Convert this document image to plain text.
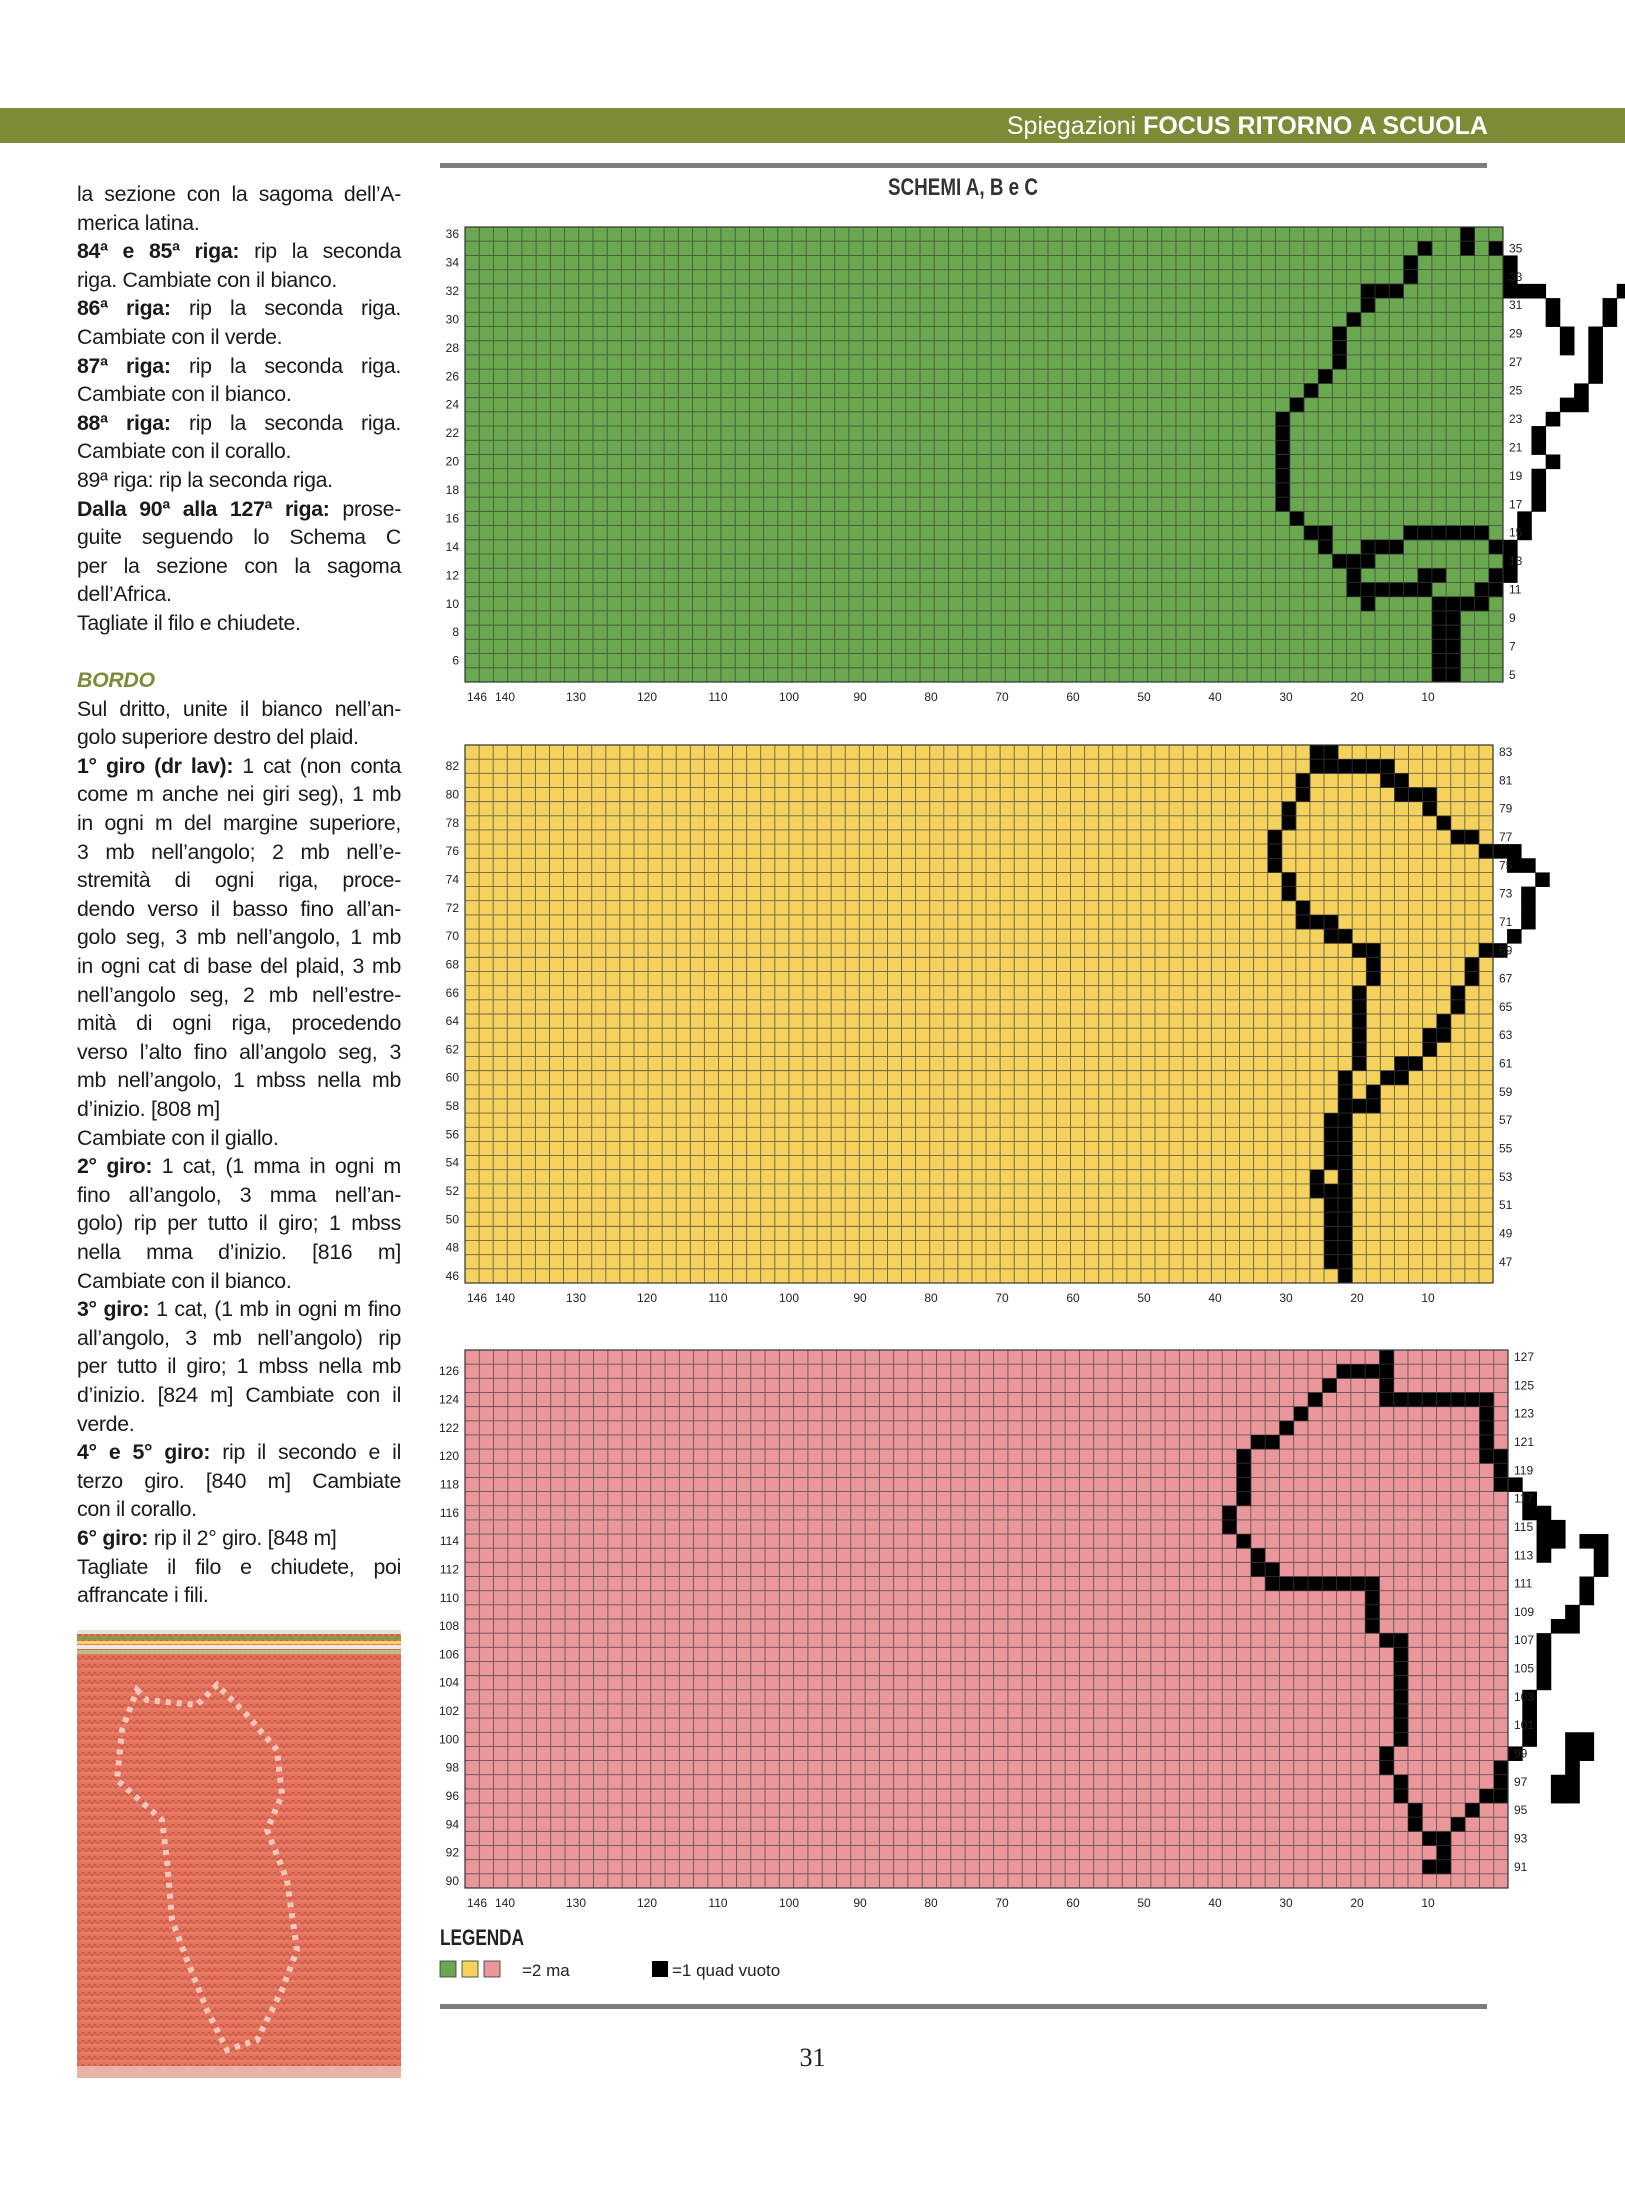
Spiegazioni FOCUS RITORNO A SCUOLA

la sezione con la sagoma dell’A-

merica latina.

84ª e 85ª riga: rip la seconda

riga. Cambiate con il bianco.

86ª riga: rip la seconda riga.

Cambiate con il verde.

87ª riga: rip la seconda riga.

Cambiate con il bianco.

88ª riga: rip la seconda riga.

Cambiate con il corallo.

89ª riga: rip la seconda riga.

Dalla 90ª alla 127ª riga: prose-

guite seguendo lo Schema C

per la sezione con la sagoma

dell’Africa.

Tagliate il filo e chiudete.

BORDO

Sul dritto, unite il bianco nell’an-

golo superiore destro del plaid.

1° giro (dr lav): 1 cat (non conta

come m anche nei giri seg), 1 mb

in ogni m del margine superiore,

3 mb nell’angolo; 2 mb nell’e-

stremità di ogni riga, proce-

dendo verso il basso fino all’an-

golo seg, 3 mb nell’angolo, 1 mb

in ogni cat di base del plaid, 3 mb

nell’angolo seg, 2 mb nell’estre-

mità di ogni riga, procedendo

verso l’alto fino all’angolo seg, 3

mb nell’angolo, 1 mbss nella mb

d’inizio. [808 m]

Cambiate con il giallo.

2° giro: 1 cat, (1 mma in ogni m

fino all’angolo, 3 mma nell’an-

golo) rip per tutto il giro; 1 mbss

nella mma d’inizio. [816 m]

Cambiate con il bianco.

3° giro: 1 cat, (1 mb in ogni m fino

all’angolo, 3 mb nell’angolo) rip

per tutto il giro; 1 mbss nella mb

d’inizio. [824 m] Cambiate con il

verde.

4° e 5° giro: rip il secondo e il

terzo giro. [840 m] Cambiate

con il corallo.

6° giro: rip il 2° giro. [848 m]

Tagliate il filo e chiudete, poi

affrancate i fili.

SCHEMI A, B e C
36
34
32
30
28
26
24
22
20
18
16
14
12
10
8
6
35
33
31
29
27
25
23
21
19
17
15
13
11
9
7
5
146 140	130	120	110	100	90	80	70	60	50	40	30	20	10
82
80
78
76
74
72
70
68
66
64
62
60
58
56
54
52
50
48
46
83
81
79
77
75
73
71
69
67
65
63
61
59
57
55
53
51
49
47
146 140	130	120	110	100	90	80	70	60	50	40	30	20	10
126
124
122
120
118
116
114
112
110
108
106
104
102
100
98
96
94
92
90
127
125
123
121
119
117
115
113
111
109
107
105
103
101
99
97
95
93
91
146 140	130	120	110	100	90	80	70	60	50	40	30	20	10
LEGENDA
=2 ma	=1 quad vuoto
31
